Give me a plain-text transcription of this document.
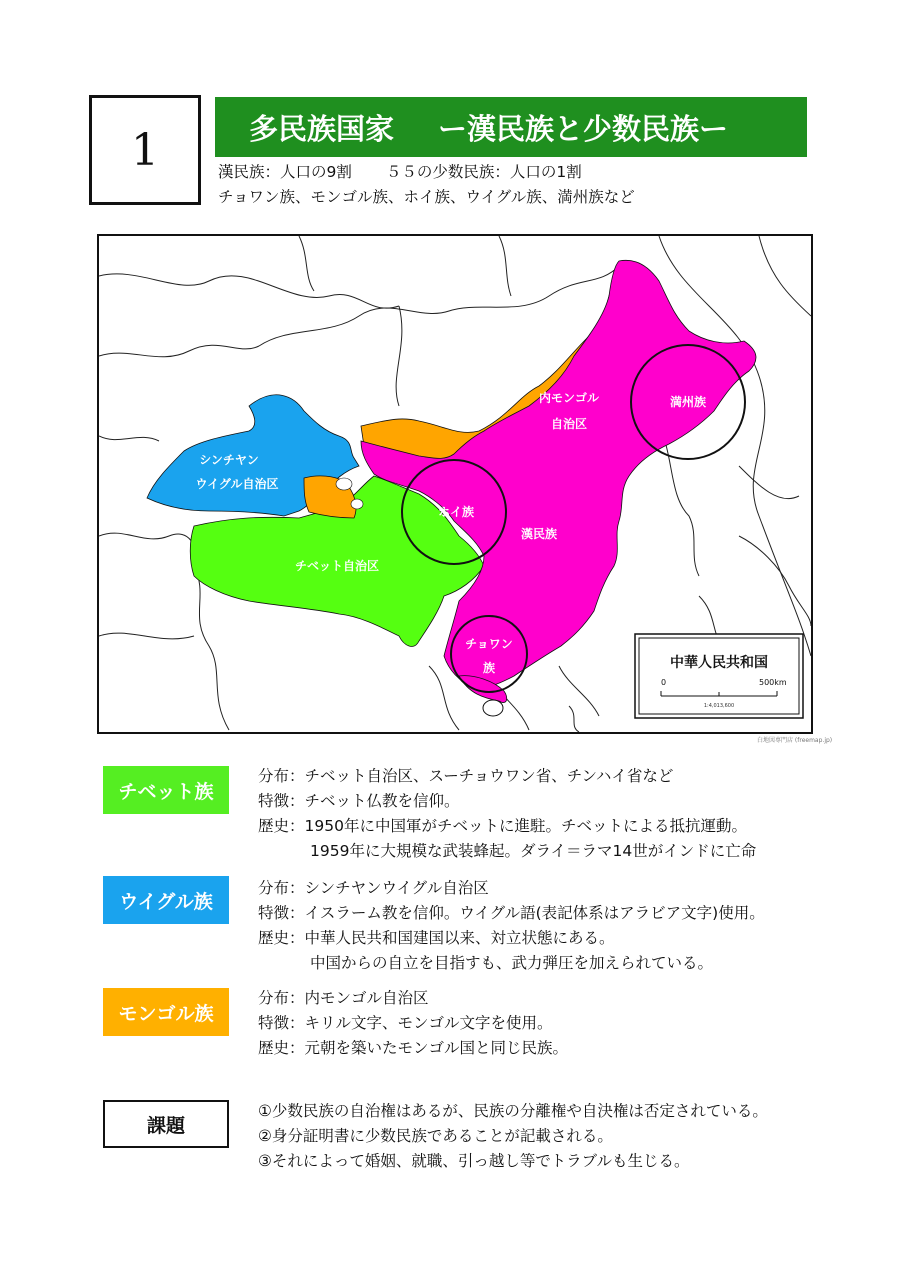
1	多民族国家 ー漢民族と少数民族ー
漢民族：人口の9割 ５５の少数民族：人口の1割
チョワン族、モンゴル族、ホイ族、ウイグル族、満州族など
シンチヤン
ウイグル自治区
内モンゴル
自治区
満州族
ホイ族
漢民族
チベット自治区
チョワン
族	中華人民共和国
0	500km
1:4,013,600
白地図専門店 (freemap.jp)
チベット族
分布：チベット自治区、スーチョウワン省、チンハイ省など
特徴：チベット仏教を信仰。
歴史：1950年に中国軍がチベットに進駐。チベットによる抵抗運動。
1959年に大規模な武装蜂起。ダライ＝ラマ14世がインドに亡命
ウイグル族
分布：シンチヤンウイグル自治区
特徴：イスラーム教を信仰。ウイグル語(表記体系はアラビア文字)使用。
歴史：中華人民共和国建国以来、対立状態にある。
中国からの自立を目指すも、武力弾圧を加えられている。
モンゴル族
分布：内モンゴル自治区
特徴：キリル文字、モンゴル文字を使用。
歴史：元朝を築いたモンゴル国と同じ民族。
課題
①少数民族の自治権はあるが、民族の分離権や自決権は否定されている。
②身分証明書に少数民族であることが記載される。
③それによって婚姻、就職、引っ越し等でトラブルも生じる。
